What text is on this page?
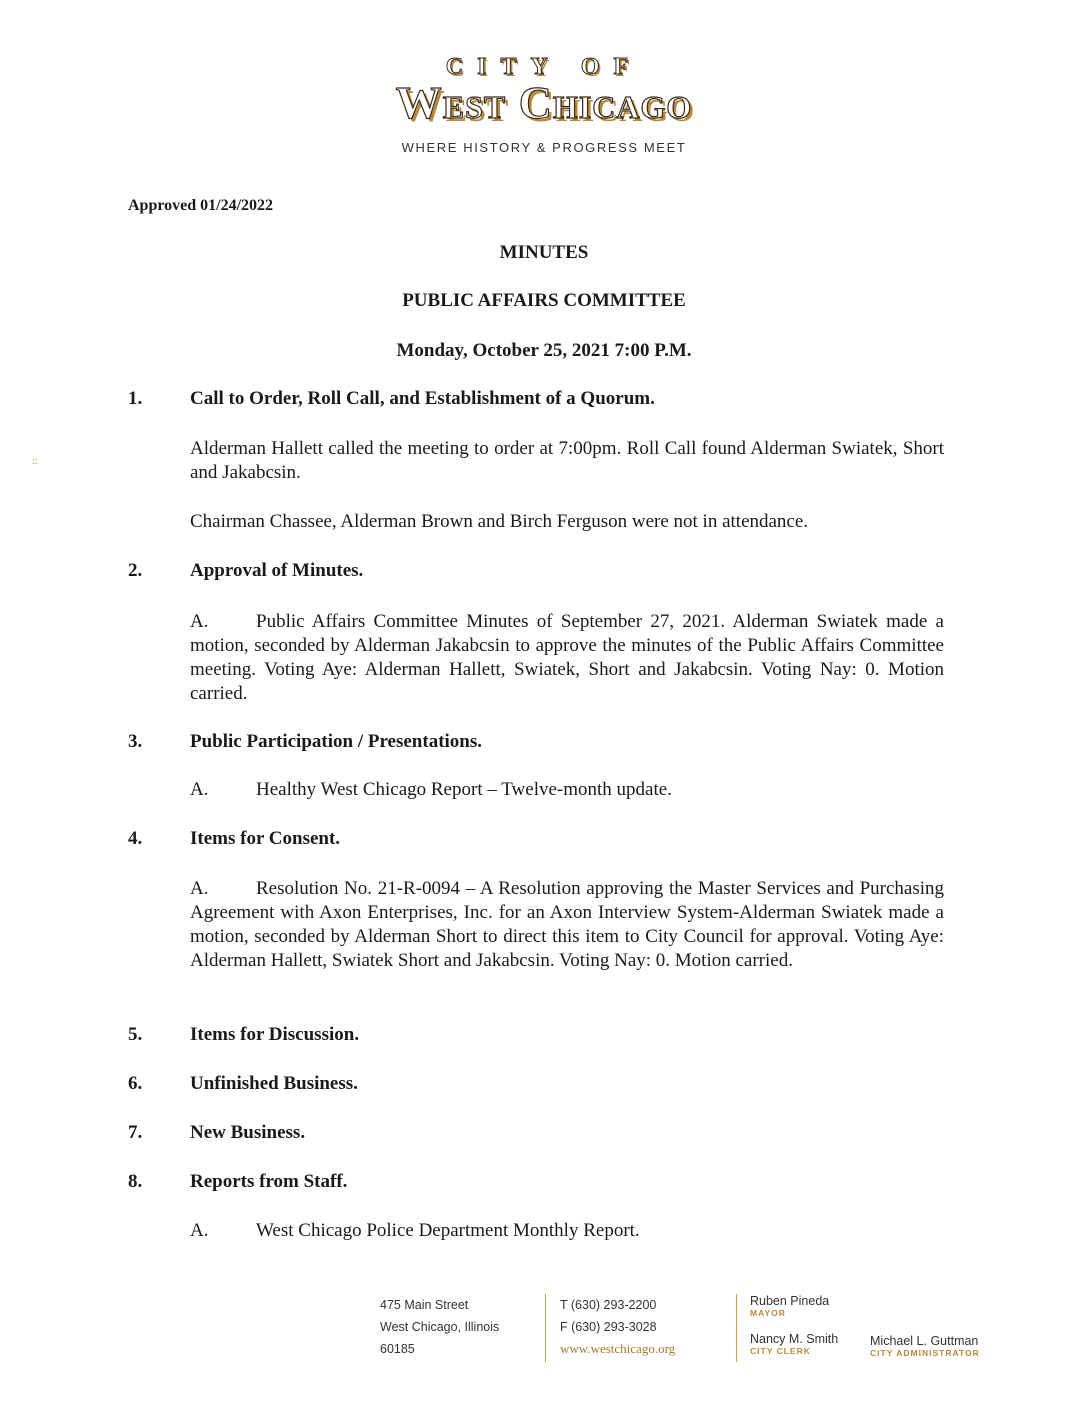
CITY OF
West Chicago
WHERE HISTORY & PROGRESS MEET
Approved 01/24/2022
MINUTES
PUBLIC AFFAIRS COMMITTEE
Monday, October 25, 2021 7:00 P.M.
::
1.	Call to Order, Roll Call, and Establishment of a Quorum.
Alderman Hallett called the meeting to order at 7:00pm. Roll Call found Alderman Swiatek, Short and Jakabcsin.
Chairman Chassee, Alderman Brown and Birch Ferguson were not in attendance.
2.	Approval of Minutes.
A.	Public Affairs Committee Minutes of September 27, 2021. Alderman Swiatek made a motion, seconded by Alderman Jakabcsin to approve the minutes of the Public Affairs Committee meeting. Voting Aye: Alderman Hallett, Swiatek, Short and Jakabcsin. Voting Nay: 0. Motion carried.
3.	Public Participation / Presentations.
A.	Healthy West Chicago Report – Twelve-month update.
4.	Items for Consent.
A.	Resolution No. 21-R-0094 – A Resolution approving the Master Services and Purchasing Agreement with Axon Enterprises, Inc. for an Axon Interview System-Alderman Swiatek made a motion, seconded by Alderman Short to direct this item to City Council for approval. Voting Aye: Alderman Hallett, Swiatek Short and Jakabcsin. Voting Nay: 0. Motion carried.
5.	Items for Discussion.
6.	Unfinished Business.
7.	New Business.
8.	Reports from Staff.
A.	West Chicago Police Department Monthly Report.
475 Main Street
West Chicago, Illinois
60185
T (630) 293-2200
F (630) 293-3028
www.westchicago.org
Ruben Pineda
MAYOR
Nancy M. Smith
CITY CLERK
Michael L. Guttman
CITY ADMINISTRATOR
